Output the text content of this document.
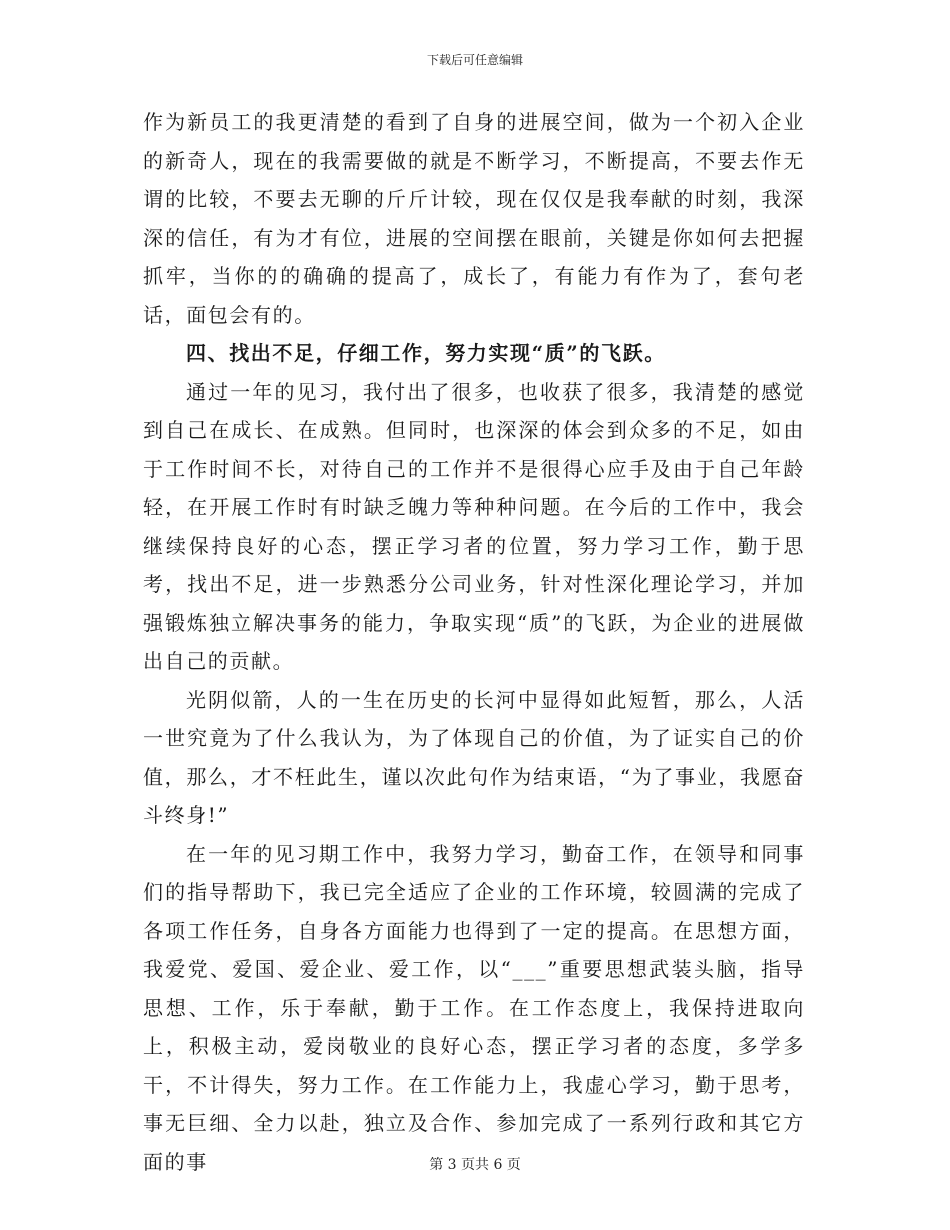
下载后可任意编辑

作为新员工的我更清楚的看到了自身的进展空间，做为一个初入企业的新奇人，现在的我需要做的就是不断学习，不断提高，不要去作无谓的比较，不要去无聊的斤斤计较，现在仅仅是我奉献的时刻，我深深的信任，有为才有位，进展的空间摆在眼前，关键是你如何去把握抓牢，当你的的确确的提高了，成长了，有能力有作为了，套句老话，面包会有的。

四、找出不足，仔细工作，努力实现“质”的飞跃。

通过一年的见习，我付出了很多，也收获了很多，我清楚的感觉到自己在成长、在成熟。但同时，也深深的体会到众多的不足，如由于工作时间不长，对待自己的工作并不是很得心应手及由于自己年龄轻，在开展工作时有时缺乏魄力等种种问题。在今后的工作中，我会继续保持良好的心态，摆正学习者的位置，努力学习工作，勤于思考，找出不足，进一步熟悉分公司业务，针对性深化理论学习，并加强锻炼独立解决事务的能力，争取实现“质”的飞跃，为企业的进展做出自己的贡献。

光阴似箭，人的一生在历史的长河中显得如此短暂，那么，人活一世究竟为了什么我认为，为了体现自己的价值，为了证实自己的价值，那么，才不枉此生，谨以次此句作为结束语，“为了事业，我愿奋斗终身!”

在一年的见习期工作中，我努力学习，勤奋工作，在领导和同事们的指导帮助下，我已完全适应了企业的工作环境，较圆满的完成了各项工作任务，自身各方面能力也得到了一定的提高。在思想方面，我爱党、爱国、爱企业、爱工作，以“___”重要思想武装头脑，指导思想、工作，乐于奉献，勤于工作。在工作态度上，我保持进取向上，积极主动，爱岗敬业的良好心态，摆正学习者的态度，多学多干，不计得失，努力工作。在工作能力上，我虚心学习，勤于思考，事无巨细、全力以赴，独立及合作、参加完成了一系列行政和其它方面的事	第 3 页共 6 页
